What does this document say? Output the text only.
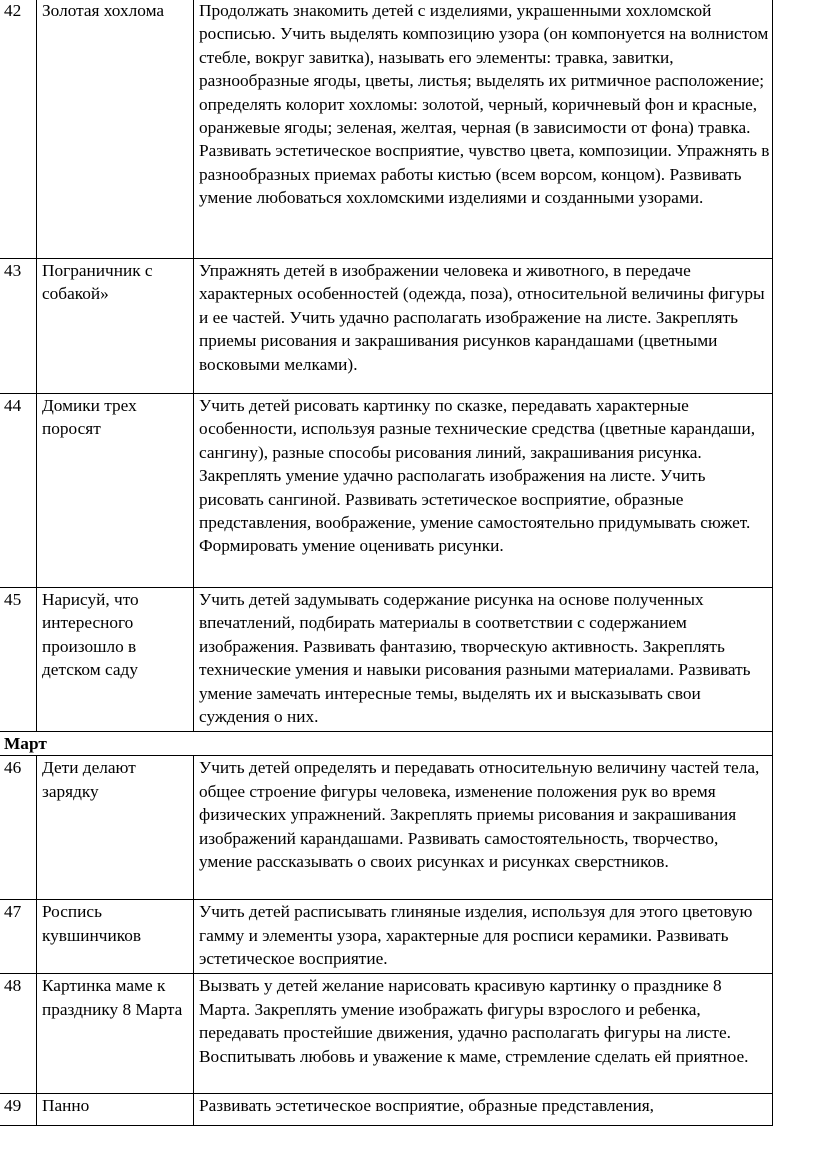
42	Золотая хохлома	Продолжать знакомить детей с изделиями, украшенными хохломской росписью. Учить выделять композицию узора (он компонуется на волнистом стебле, вокруг завитка), называть его элементы: травка, завитки, разнообразные ягоды, цветы, листья; выделять их ритмичное расположение; определять колорит хохломы: золотой, черный, коричневый фон и красные, оранжевые ягоды; зеленая, желтая, черная (в зависимости от фона) травка. Развивать эстетическое восприятие, чувство цвета, композиции. Упражнять в разнообразных приемах работы кистью (всем ворсом, концом). Развивать умение любоваться хохломскими изделиями и созданными узорами.
43	Пограничник с собакой»	Упражнять детей в изображении человека и животного, в передаче характерных особенностей (одежда, поза), относительной величины фигуры и ее частей. Учить удачно располагать изображение на листе. Закреплять приемы рисования и закрашивания рисунков карандашами (цветными восковыми мелками).
44	Домики трех поросят	Учить детей рисовать картинку по сказке, передавать характерные особенности, используя разные технические средства (цветные карандаши, сангину), разные способы рисования линий, закрашивания рисунка. Закреплять умение удачно располагать изображения на листе. Учить рисовать сангиной. Развивать эстетическое восприятие, образные представления, воображение, умение самостоятельно придумывать сюжет. Формировать умение оценивать рисунки.
45	Нарисуй, что интересного произошло в детском саду	Учить детей задумывать содержание рисунка на основе полученных впечатлений, подбирать материалы в соответствии с содержанием изображения. Развивать фантазию, творческую активность. Закреплять технические умения и навыки рисования разными материалами. Развивать умение замечать интересные темы, выделять их и высказывать свои суждения о них.
Март		
46	Дети делают зарядку	Учить детей определять и передавать относительную величину частей тела, общее строение фигуры человека, изменение положения рук во время физических упражнений. Закреплять приемы рисования и закрашивания изображений карандашами. Развивать самостоятельность, творчество, умение рассказывать о своих рисунках и рисунках сверстников.
47	Роспись кувшинчиков	Учить детей расписывать глиняные изделия, используя для этого цветовую гамму и элементы узора, характерные для росписи керамики. Развивать эстетическое восприятие.
48	Картинка маме к празднику 8 Марта	Вызвать у детей желание нарисовать красивую картинку о празднике 8 Марта. Закреплять умение изображать фигуры взрослого и ребенка, передавать простейшие движения, удачно располагать фигуры на листе. Воспитывать любовь и уважение к маме, стремление сделать ей приятное.
49	Панно	Развивать эстетическое восприятие, образные представления,
